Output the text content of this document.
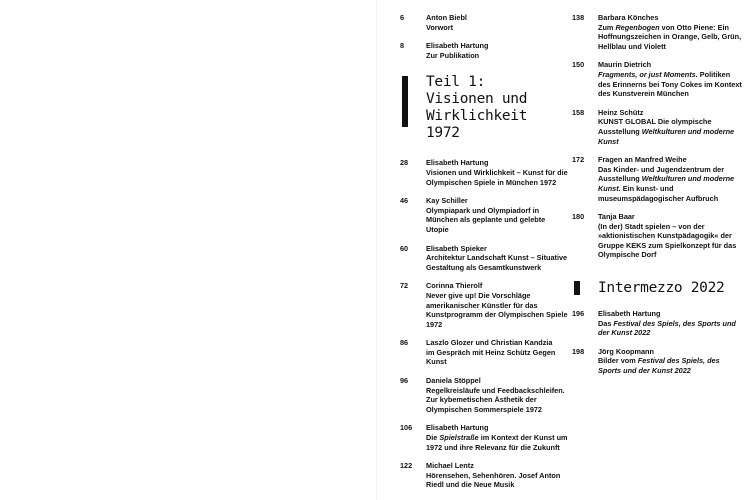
6	Anton Biebl
Vorwort
8	Elisabeth Hartung
Zur Publikation
Teil 1:
Visionen und
Wirklichkeit 1972
28 Elisabeth Hartung
Visionen und Wirklichkeit – Kunst für die Olympischen Spiele in München 1972
46 Kay Schiller
Olympiapark und Olympiadorf in München als geplante und gelebte Utopie
60 Elisabeth Spieker
Architektur Landschaft Kunst – Situative Gestaltung als Gesamtkunstwerk
72 Corinna Thierolf
Never give up! Die Vorschläge amerikanischer Künstler für das Kunstprogramm der Olympischen Spiele 1972
86 Laszlo Glozer und Christian Kandzia
im Gespräch mit Heinz Schütz Gegen Kunst
96 Daniela Stöppel
Regelkreisläufe und Feedbackschleifen. Zur kybemetischen Ästhetik der Olympischen Sommerspiele 1972
106 Elisabeth Hartung
Die Spielstraße im Kontext der Kunst um 1972 und ihre Relevanz für die Zukunft
122 Michael Lentz
Hörensehen, Sehenhören. Josef Anton Riedl und die Neue Musik
138 Barbara Könches
Zum Regenbogen von Otto Piene: Ein Hoffnungszeichen in Orange, Gelb, Grün, Hellblau und Violett
150 Maurin Dietrich
Fragments, or just Moments. Politiken des Erinnerns bei Tony Cokes im Kontext des Kunstverein München
158 Heinz Schütz
KUNST GLOBAL Die olympische Ausstellung Weltkulturen und moderne Kunst
172 Fragen an Manfred Weihe
Das Kinder- und Jugendzentrum der Ausstellung Weltkulturen und moderne Kunst. Ein kunst- und museumspädagogischer Aufbruch
180 Tanja Baar
(In der) Stadt spielen – von der »aktionistischen Kunstpädagogik« der Gruppe KEKS zum Spielkonzept für das Olympische Dorf
Intermezzo 2022
196 Elisabeth Hartung
Das Festival des Spiels, des Sports und der Kunst 2022
198 Jörg Koopmann
Bilder vom Festival des Spiels, des Sports und der Kunst 2022
